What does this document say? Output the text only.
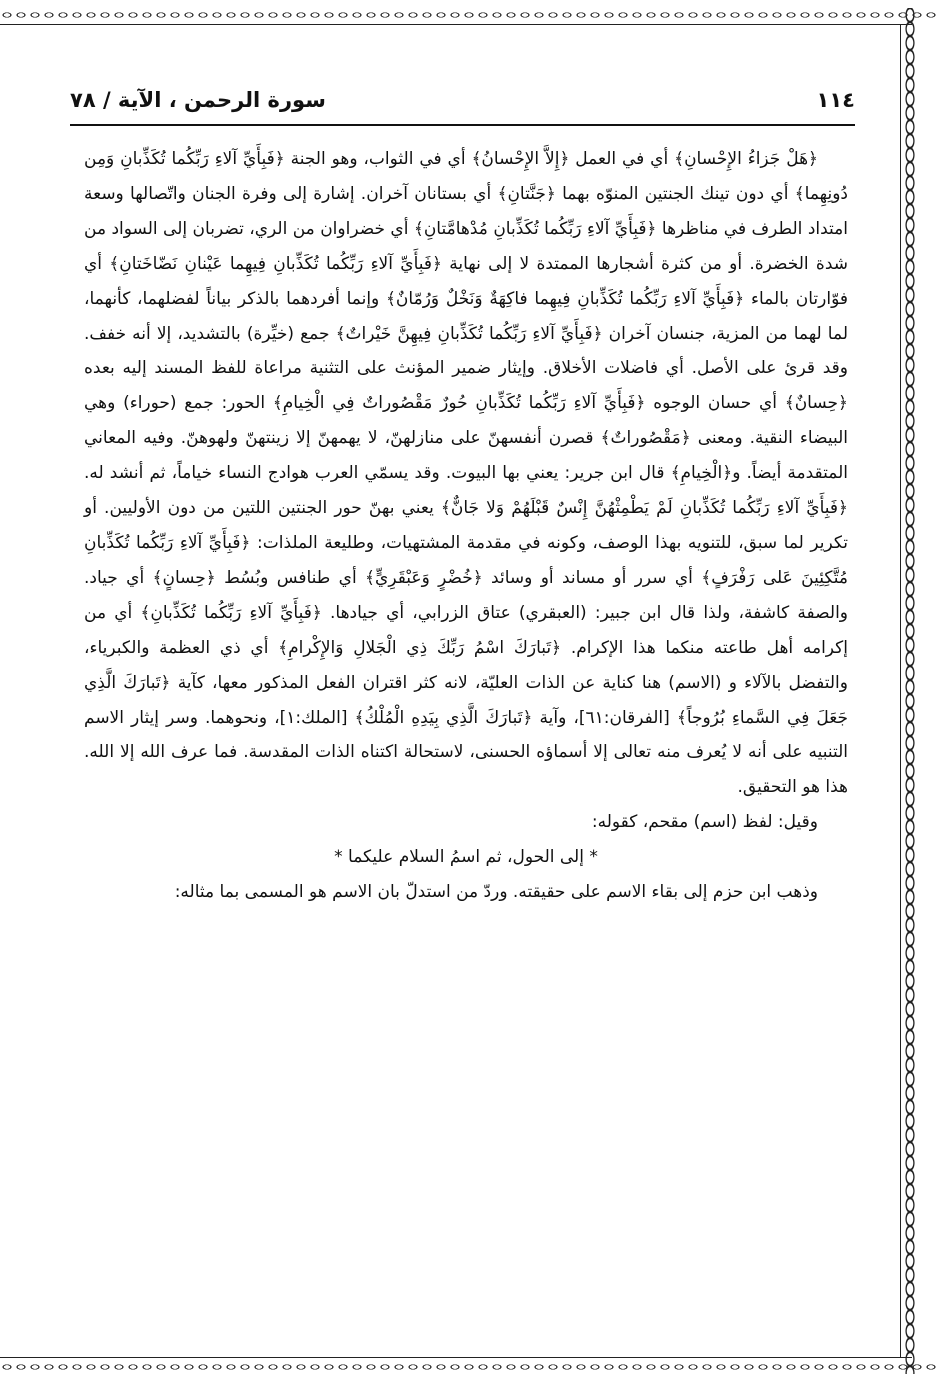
١١٤
سورة الرحمن ، الآية / ٧٨

﴿هَلْ جَزاءُ الإِحْسانِ﴾ أي في العمل ﴿إِلاَّ الإِحْسانُ﴾ أي في الثواب، وهو الجنة ﴿فَبِأَيِّ آلاءِ رَبِّكُما تُكَذِّبانِ وَمِن دُونِهِما﴾ أي دون تينك الجنتين المنوّه بهما ﴿جَنَّتانِ﴾ أي بستانان آخران. إشارة إلى وفرة الجنان واتّصالها وسعة امتداد الطرف في مناظرها ﴿فَبِأَيِّ آلاءِ رَبِّكُما تُكَذِّبانِ مُدْهامَّتانِ﴾ أي خضراوان من الري، تضربان إلى السواد من شدة الخضرة. أو من كثرة أشجارها الممتدة لا إلى نهاية ﴿فَبِأَيِّ آلاءِ رَبِّكُما تُكَذِّبانِ فِيهِما عَيْنانِ نَضّاخَتانِ﴾ أي فوّارتان بالماء ﴿فَبِأَيِّ آلاءِ رَبِّكُما تُكَذِّبانِ فِيهِما فاكِهَةٌ وَنَخْلٌ وَرُمّانٌ﴾ وإنما أفردهما بالذكر بياناً لفضلهما، كأنهما، لما لهما من المزية، جنسان آخران ﴿فَبِأَيِّ آلاءِ رَبِّكُما تُكَذِّبانِ فِيهِنَّ خَيْراتٌ﴾ جمع (خيِّرة) بالتشديد، إلا أنه خفف. وقد قرئ على الأصل. أي فاضلات الأخلاق. وإيثار ضمير المؤنث على التثنية مراعاة للفظ المسند إليه بعده ﴿حِسانٌ﴾ أي حسان الوجوه ﴿فَبِأَيِّ آلاءِ رَبِّكُما تُكَذِّبانِ حُورٌ مَقْصُوراتٌ فِي الْخِيامِ﴾ الحور: جمع (حوراء) وهي البيضاء النقية. ومعنى ﴿مَقْصُوراتٌ﴾ قصرن أنفسهنّ على منازلهنّ، لا يهمهنّ إلا زينتهنّ ولهوهنّ. وفيه المعاني المتقدمة أيضاً. و﴿الْخِيامِ﴾ قال ابن جرير: يعني بها البيوت. وقد يسمّي العرب هوادج النساء خياماً، ثم أنشد له. ﴿فَبِأَيِّ آلاءِ رَبِّكُما تُكَذِّبانِ لَمْ يَطْمِثْهُنَّ إِنْسٌ قَبْلَهُمْ وَلا جَانٌّ﴾ يعني بهنّ حور الجنتين اللتين من دون الأوليين. أو تكرير لما سبق، للتنويه بهذا الوصف، وكونه في مقدمة المشتهيات، وطليعة الملذات: ﴿فَبِأَيِّ آلاءِ رَبِّكُما تُكَذِّبانِ مُتَّكِئِينَ عَلى رَفْرَفٍ﴾ أي سرر أو مساند أو وسائد ﴿خُضْرٍ وَعَبْقَرِيٍّ﴾ أي طنافس وبُسُط ﴿حِسانٍ﴾ أي جياد. والصفة كاشفة، ولذا قال ابن جبير: (العبقري) عتاق الزرابي، أي جيادها. ﴿فَبِأَيِّ آلاءِ رَبِّكُما تُكَذِّبانِ﴾ أي من إكرامه أهل طاعته منكما هذا الإكرام. ﴿تَبارَكَ اسْمُ رَبِّكَ ذِي الْجَلالِ وَالإِكْرامِ﴾ أي ذي العظمة والكبرياء، والتفضل بالآلاء و (الاسم) هنا كناية عن الذات العليّة، لانه كثر اقتران الفعل المذكور معها، كآية ﴿تَبارَكَ الَّذِي جَعَلَ فِي السَّماءِ بُرُوجاً﴾ [الفرقان:٦١]، وآية ﴿تَبارَكَ الَّذِي بِيَدِهِ الْمُلْكُ﴾ [الملك:١]، ونحوهما. وسر إيثار الاسم التنبيه على أنه لا يُعرف منه تعالى إلا أسماؤه الحسنى، لاستحالة اكتناه الذات المقدسة. فما عرف الله إلا الله. هذا هو التحقيق.

وقيل: لفظ (اسم) مقحم، كقوله:

* إلى الحول، ثم اسمُ السلام عليكما *

وذهب ابن حزم إلى بقاء الاسم على حقيقته. وردّ من استدلّ بان الاسم هو المسمى بما مثاله:
